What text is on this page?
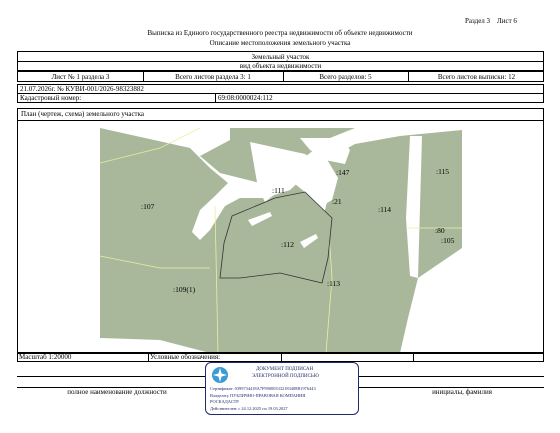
Раздел 3 Лист 6
Выписка из Единого государственного реестра недвижимости об объекте недвижимости
Описание местоположения земельного участка
Земельный участок
вид объекта недвижимости
Лист № 1 раздела 3	Всего листов раздела 3: 1	Всего разделов: 5	Всего листов выписки: 12
21.07.2026г. № КУВИ-001/2026-98323882
Кадастровый номер:	69:08:0000024:112
План (чертеж, схема) земельного участка
:107
:111
:147	:115
:21
:114
:112
:80
:105
:109(1)
:113
Масштаб 1:20000	Условные обозначения:
полное наименование должности	инициалы, фамилия
ДОКУМЕНТ ПОДПИСАН
ЭЛЕКТРОННОЙ ПОДПИСЬЮ
Сертификат: 0399734418A7F990003332183408B1976443
Владелец: ПУБЛИЧНО-ПРАВОВАЯ КОМПАНИЯ
РОСКАДАСТР
Действителен: с 24.12.2025 по 19.03.2027
